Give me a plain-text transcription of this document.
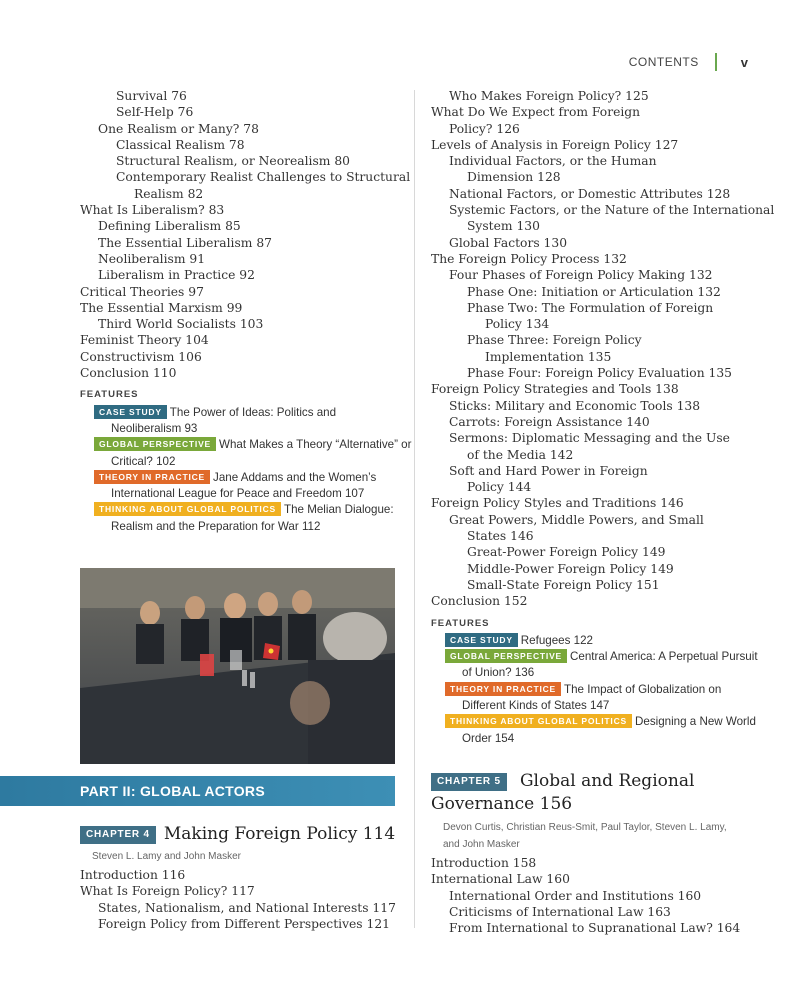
CONTENTS	v
Survival 76
Self-Help 76
One Realism or Many? 78
Classical Realism 78
Structural Realism, or Neorealism 80
Contemporary Realist Challenges to Structural
Realism 82
What Is Liberalism? 83
Defining Liberalism 85
The Essential Liberalism 87
Neoliberalism 91
Liberalism in Practice 92
Critical Theories 97
The Essential Marxism 99
Third World Socialists 103
Feminist Theory 104
Constructivism 106
Conclusion 110
FEATURES
CASE STUDY The Power of Ideas: Politics and
Neoliberalism 93
GLOBAL PERSPECTIVE What Makes a Theory “Alternative” or
Critical? 102
THEORY IN PRACTICE Jane Addams and the Women’s
International League for Peace and Freedom 107
THINKING ABOUT GLOBAL POLITICS The Melian Dialogue:
Realism and the Preparation for War 112
PART II: GLOBAL ACTORS
CHAPTER 4 Making Foreign Policy 114
Steven L. Lamy and John Masker
Introduction 116
What Is Foreign Policy? 117
States, Nationalism, and National Interests 117
Foreign Policy from Different Perspectives 121
Who Makes Foreign Policy? 125
What Do We Expect from Foreign
Policy? 126
Levels of Analysis in Foreign Policy 127
Individual Factors, or the Human
Dimension 128
National Factors, or Domestic Attributes 128
Systemic Factors, or the Nature of the International
System 130
Global Factors 130
The Foreign Policy Process 132
Four Phases of Foreign Policy Making 132
Phase One: Initiation or Articulation 132
Phase Two: The Formulation of Foreign
Policy 134
Phase Three: Foreign Policy
Implementation 135
Phase Four: Foreign Policy Evaluation 135
Foreign Policy Strategies and Tools 138
Sticks: Military and Economic Tools 138
Carrots: Foreign Assistance 140
Sermons: Diplomatic Messaging and the Use
of the Media 142
Soft and Hard Power in Foreign
Policy 144
Foreign Policy Styles and Traditions 146
Great Powers, Middle Powers, and Small
States 146
Great-Power Foreign Policy 149
Middle-Power Foreign Policy 149
Small-State Foreign Policy 151
Conclusion 152
FEATURES
CASE STUDY Refugees 122
GLOBAL PERSPECTIVE Central America: A Perpetual Pursuit
of Union? 136
THEORY IN PRACTICE The Impact of Globalization on
Different Kinds of States 147
THINKING ABOUT GLOBAL POLITICS Designing a New World
Order 154
CHAPTER 5 Global and Regional
Governance 156
Devon Curtis, Christian Reus-Smit, Paul Taylor, Steven L. Lamy,
and John Masker
Introduction 158
International Law 160
International Order and Institutions 160
Criticisms of International Law 163
From International to Supranational Law? 164
